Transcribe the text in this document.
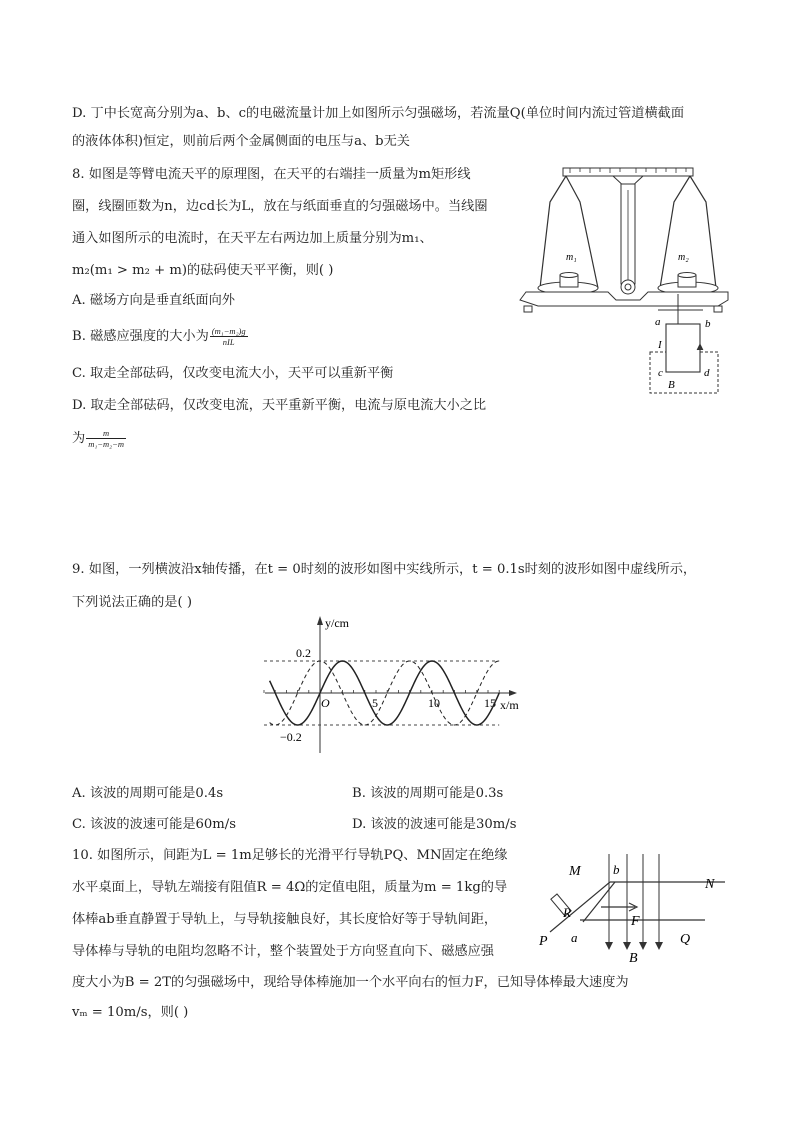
D. 丁中长宽高分别为a、b、c的电磁流量计加上如图所示匀强磁场，若流量Q(单位时间内流过管道横截面
的液体体积)恒定，则前后两个金属侧面的电压与a、b无关
8. 如图是等臂电流天平的原理图，在天平的右端挂一质量为m矩形线
圈，线圈匝数为n，边cd长为L，放在与纸面垂直的匀强磁场中。当线圈
通入如图所示的电流时，在天平左右两边加上质量分别为m₁、
m₂(m₁ > m₂ + m)的砝码使天平平衡，则( )
A. 磁场方向是垂直纸面向外
B. 磁感应强度的大小为 $\frac{\text{(m₁−m₂)g}}{\text{nIL}}$
C. 取走全部砝码，仅改变电流大小，天平可以重新平衡
D. 取走全部砝码，仅改变电流，天平重新平衡，电流与原电流大小之比
为 $\frac{m}{\text{m₁−m₂−m}}$
m₁	m₂
a	b
I
c	d
B
9. 如图，一列横波沿x轴传播，在t = 0时刻的波形如图中实线所示，t = 0.1s时刻的波形如图中虚线所示，
下列说法正确的是( )
y/cm
x/m
O	5	10	15
0.2
−0.2
A. 该波的周期可能是0.4s	B. 该波的周期可能是0.3s
C. 该波的波速可能是60m/s	D. 该波的波速可能是30m/s
10. 如图所示，间距为L = 1m足够长的光滑平行导轨PQ、MN固定在绝缘
水平桌面上，导轨左端接有阻值R = 4Ω的定值电阻，质量为m = 1kg的导
体棒ab垂直静置于导轨上，与导轨接触良好，其长度恰好等于导轨间距，
导体棒与导轨的电阻均忽略不计，整个装置处于方向竖直向下、磁感应强
度大小为B = 2T的匀强磁场中，现给导体棒施加一个水平向右的恒力F，已知导体棒最大速度为
vₘ = 10m/s，则( )
M
N
P	Q
R
F
a
b
B
